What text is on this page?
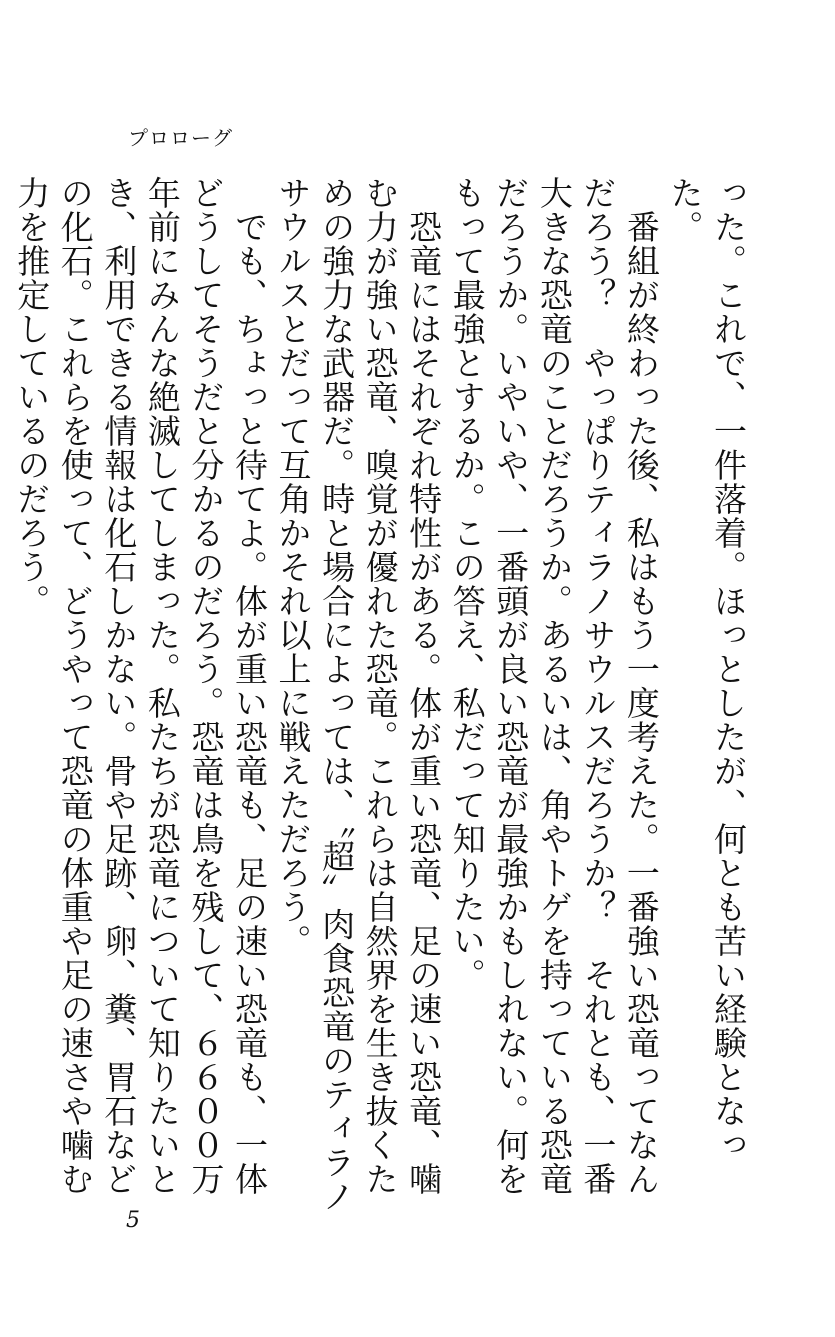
プロローグ

った。これで、一件落着。ほっとしたが、何とも苦い経験となった。

　番組が終わった後、私はもう一度考えた。一番強い恐竜ってなんだろう？　やっぱりティラノサウルスだろうか？　それとも、一番大きな恐竜のことだろうか。あるいは、角やトゲを持っている恐竜だろうか。いやいや、一番頭が良い恐竜が最強かもしれない。何をもって最強とするか。この答え、私だって知りたい。

　恐竜にはそれぞれ特性がある。体が重い恐竜、足の速い恐竜、噛む力が強い恐竜、嗅覚が優れた恐竜。これらは自然界を生き抜くための強力な武器だ。時と場合によっては、〝超〟肉食恐竜のティラノサウルスとだって互角かそれ以上に戦えただろう。

　でも、ちょっと待てよ。体が重い恐竜も、足の速い恐竜も、一体どうしてそうだと分かるのだろう。恐竜は鳥を残して、６６００万年前にみんな絶滅してしまった。私たちが恐竜について知りたいとき、利用できる情報は化石しかない。骨や足跡、卵、糞、胃石などの化石。これらを使って、どうやって恐竜の体重や足の速さや噛む力を推定しているのだろう。

5
